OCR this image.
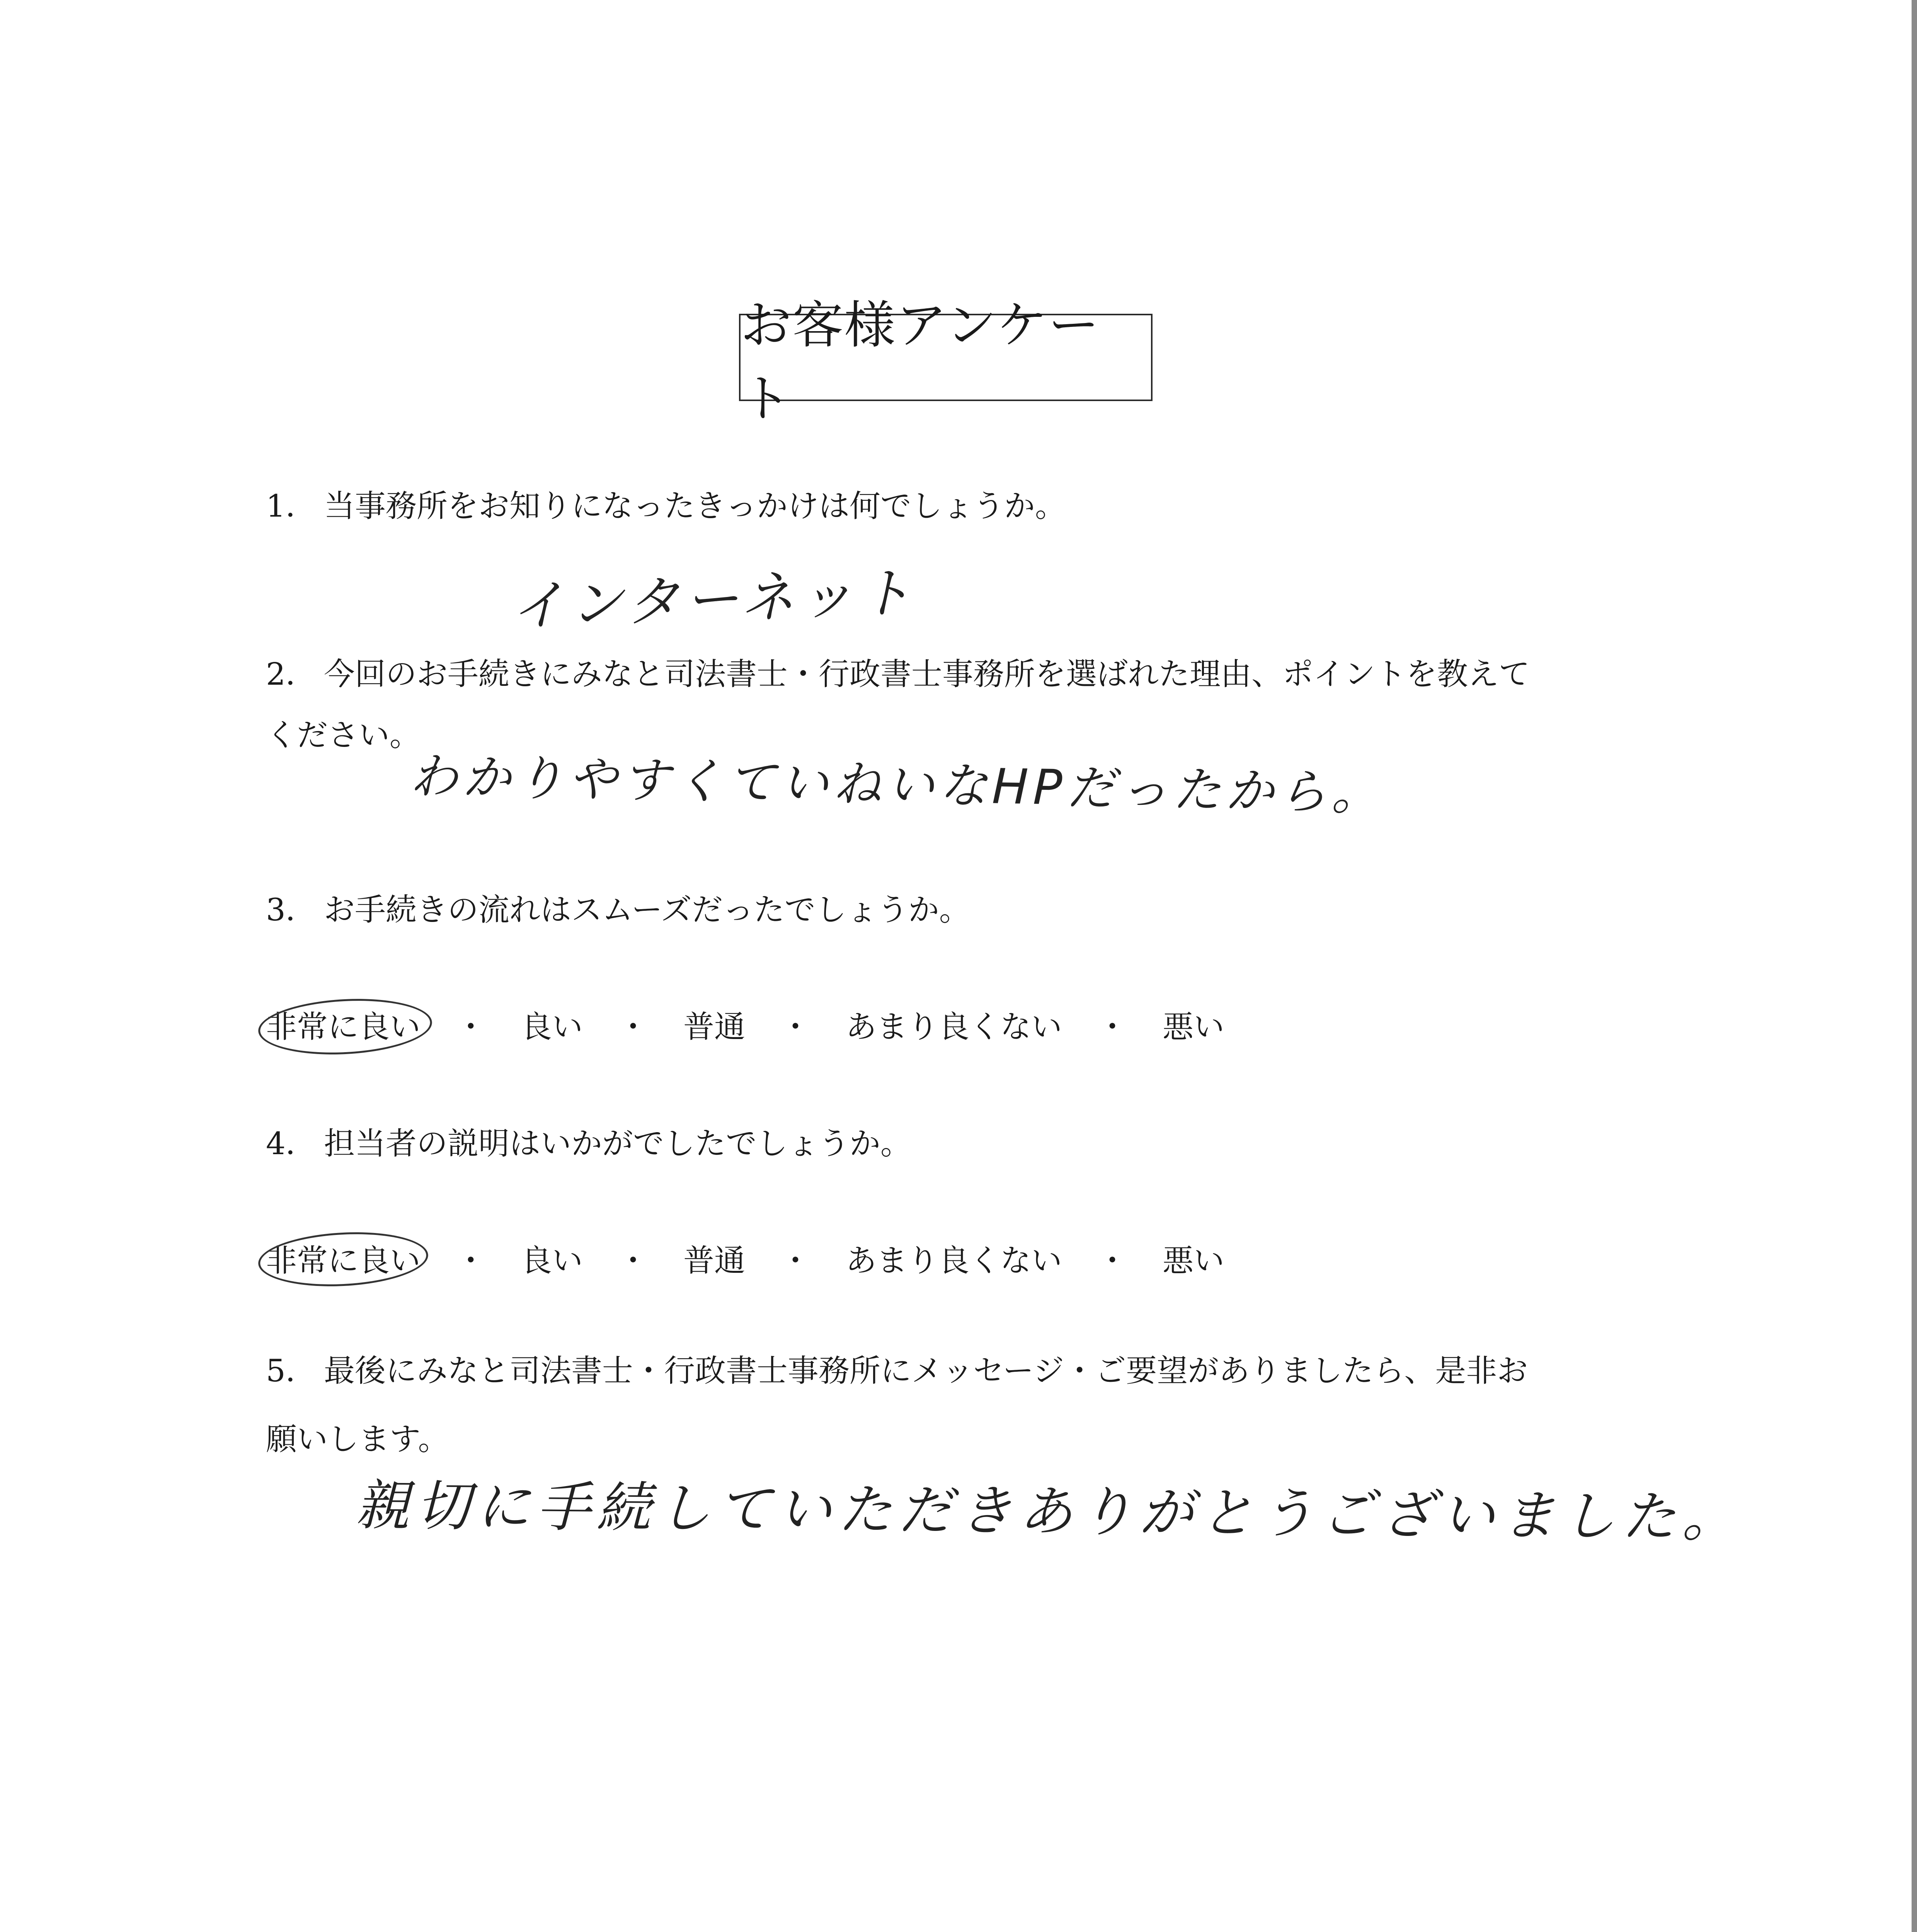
お客様アンケート
1． 当事務所をお知りになったきっかけは何でしょうか。
インターネット
2． 今回のお手続きにみなと司法書士・行政書士事務所を選ばれた理由、ポイントを教えて
ください。
わかりやすくていねいなHPだったから。
3． お手続きの流れはスムーズだったでしょうか。
非常に良い	・	良い	・	普通	・	あまり良くない	・	悪い
4． 担当者の説明はいかがでしたでしょうか。
非常に良い	・	良い	・	普通	・	あまり良くない	・	悪い
5． 最後にみなと司法書士・行政書士事務所にメッセージ・ご要望がありましたら、是非お
願いします。
親切に手続していただきありがとうございました。
